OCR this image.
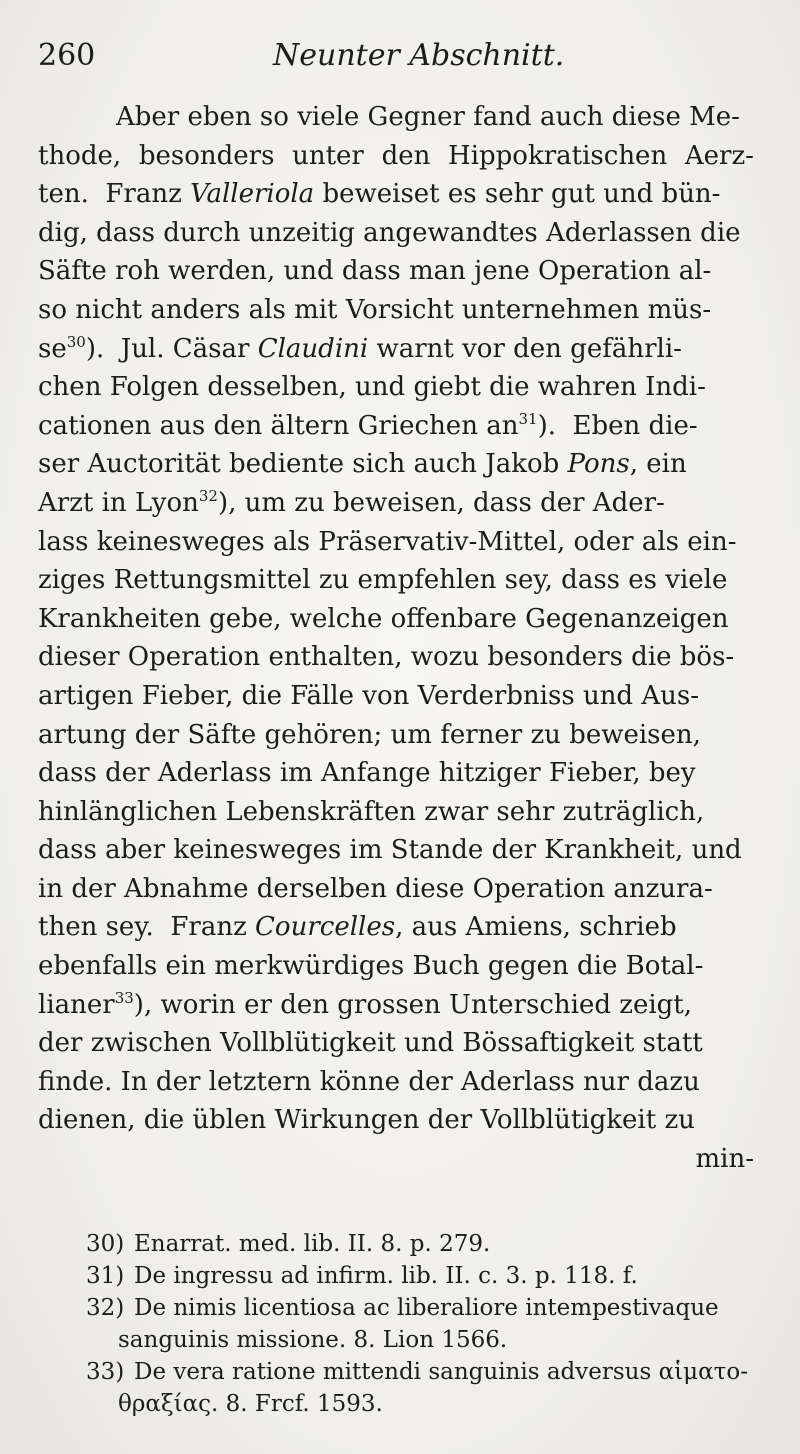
260	Neunter Abschnitt.
Aber eben so viele Gegner fand auch diese Me-
thode, besonders unter den Hippokratischen Aerz-
ten.  Franz Valleriola beweiset es sehr gut und bün-
dig, dass durch unzeitig angewandtes Aderlassen die
Säfte roh werden, und dass man jene Operation al-
so nicht anders als mit Vorsicht unternehmen müs-
$se^{30}$).  Jul. Cäsar Claudini warnt vor den gefährli-
chen Folgen desselben, und giebt die wahren Indi-
cationen aus den ältern Griechen $an^{31}$).  Eben die-
ser Auctorität bediente sich auch Jakob Pons, ein
Arzt in Lyon$^{32}$), um zu beweisen, dass der Ader-
lass keinesweges als Präservativ-Mittel, oder als ein-
ziges Rettungsmittel zu empfehlen sey, dass es viele
Krankheiten gebe, welche offenbare Gegenanzeigen
dieser Operation enthalten, wozu besonders die bös-
artigen Fieber, die Fälle von Verderbniss und Aus-
artung der Säfte gehören; um ferner zu beweisen,
dass der Aderlass im Anfange hitziger Fieber, bey
hinlänglichen Lebenskräften zwar sehr zuträglich,
dass aber keinesweges im Stande der Krankheit, und
in der Abnahme derselben diese Operation anzura-
then sey.  Franz Courcelles, aus Amiens, schrieb
ebenfalls ein merkwürdiges Buch gegen die Botal-
lianer$^{33}$), worin er den grossen Unterschied zeigt,
der zwischen Vollblütigkeit und Bössaftigkeit statt
finde. In der letztern könne der Aderlass nur dazu
dienen, die üblen Wirkungen der Vollblütigkeit zu
min-
30) Enarrat. med. lib. II. 8. p. 279.
31) De ingressu ad infirm. lib. II. c. 3. p. 118. f.
32) De nimis licentiosa ac liberaliore intempestivaque
sanguinis missione. 8. Lion 1566.
33) De vera ratione mittendi sanguinis adversus αἱματο-
θραξίας. 8. Frcf. 1593.
